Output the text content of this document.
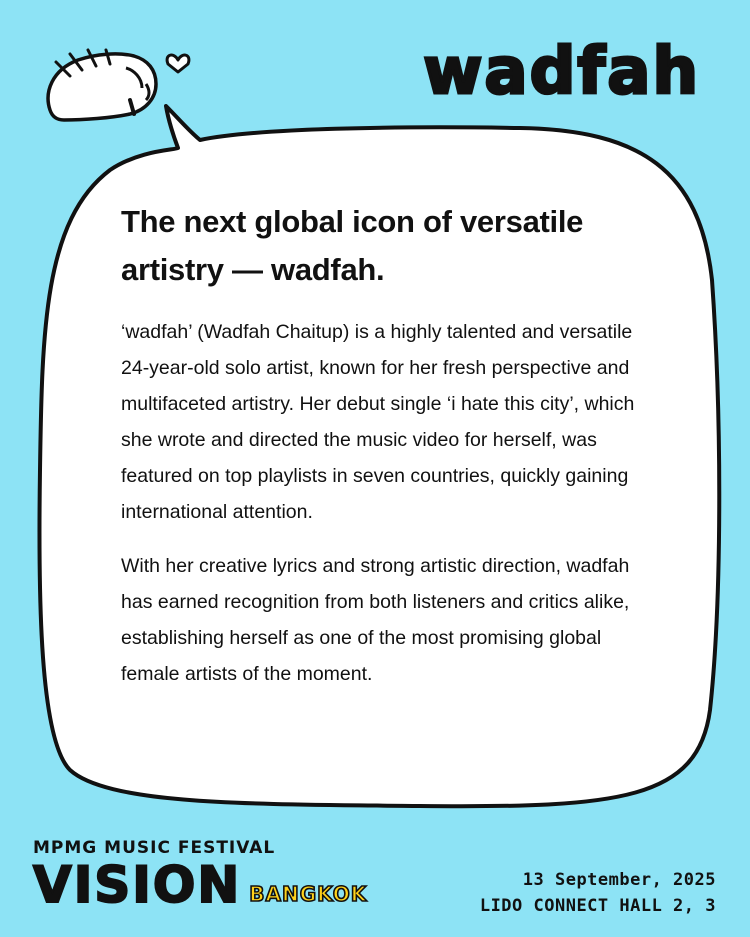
wadfah
The next global icon of versatile artistry — wadfah.

‘wadfah’ (Wadfah Chaitup) is a highly talented and versatile 24-year-old solo artist, known for her fresh perspective and multifaceted artistry. Her debut single ‘i hate this city’, which she wrote and directed the music video for herself, was featured on top playlists in seven countries, quickly gaining international attention.

With her creative lyrics and strong artistic direction, wadfah has earned recognition from both listeners and critics alike, establishing herself as one of the most promising global female artists of the moment.

MPMG MUSIC FESTIVAL
VISION BANGKOK
13 September, 2025
LIDO CONNECT HALL 2, 3
